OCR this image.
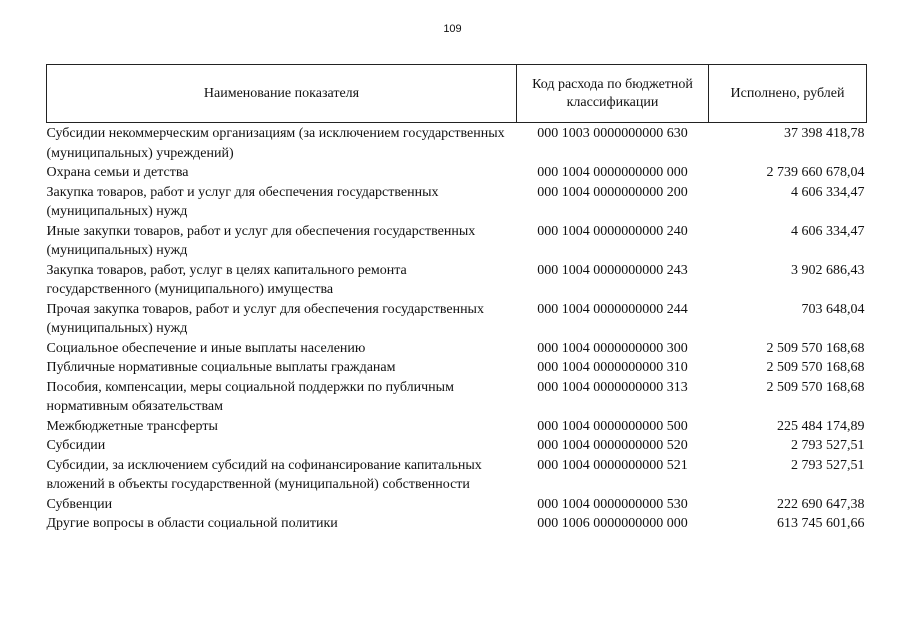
109
Наименование показателя	Код расхода по бюджетной классификации	Исполнено, рублей
Субсидии некоммерческим организациям (за исключением государственных (муниципальных) учреждений)	000 1003 0000000000 630	37 398 418,78
Охрана семьи и детства	000 1004 0000000000 000	2 739 660 678,04
Закупка товаров, работ и услуг для обеспечения государственных (муниципальных) нужд	000 1004 0000000000 200	4 606 334,47
Иные закупки товаров, работ и услуг для обеспечения государственных (муниципальных) нужд	000 1004 0000000000 240	4 606 334,47
Закупка товаров, работ, услуг в целях капитального ремонта государственного (муниципального) имущества	000 1004 0000000000 243	3 902 686,43
Прочая закупка товаров, работ и услуг для обеспечения государственных (муниципальных) нужд	000 1004 0000000000 244	703 648,04
Социальное обеспечение и иные выплаты населению	000 1004 0000000000 300	2 509 570 168,68
Публичные нормативные социальные выплаты гражданам	000 1004 0000000000 310	2 509 570 168,68
Пособия, компенсации, меры социальной поддержки по публичным нормативным обязательствам	000 1004 0000000000 313	2 509 570 168,68
Межбюджетные трансферты	000 1004 0000000000 500	225 484 174,89
Субсидии	000 1004 0000000000 520	2 793 527,51
Субсидии, за исключением субсидий на софинансирование капитальных вложений в объекты государственной (муниципальной) собственности	000 1004 0000000000 521	2 793 527,51
Субвенции	000 1004 0000000000 530	222 690 647,38
Другие вопросы в области социальной политики	000 1006 0000000000 000	613 745 601,66
